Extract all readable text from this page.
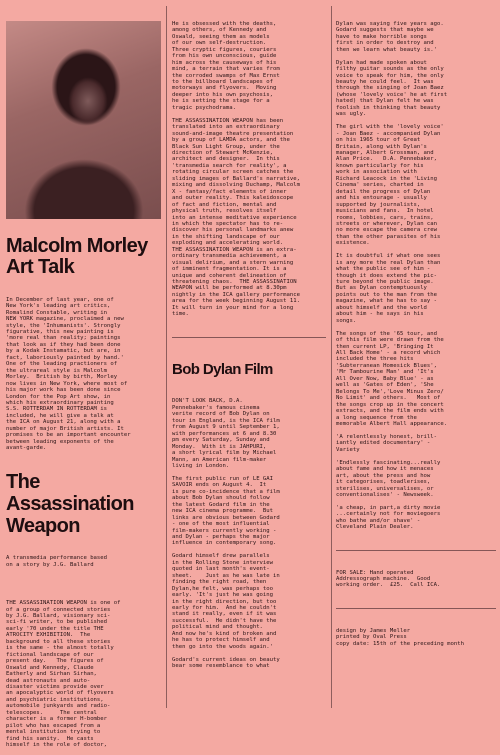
Malcolm Morley Art Talk

In December of last year, one of
New York's leading art critics,
Romalind Constable, writing in
NEW YORK magazine, proclaimed a new
style, the 'Inhumanists'. Strongly
figurative, this new painting is
'more real than reality; paintings
that look as if they had been done
by a Kodak Instamatic, but are, in
fact, laboriously painted by hand.'
One of the leading practioners of
the ultrareal style is Malcolm
Morley.  British by birth, Morley
now lives in New York, where most of
his major work has been done since
London for the Pop Art show, in
which his extraordinary painting
S.S. ROTTERDAM IN ROTTERDAM is
included, he will give a talk at
the ICA on August 21, along with a
number of major British artists. It
promises to be an important encounter
between leading exponents of the
avant-garde.

The Assassination Weapon

A transmedia performance based
on a story by J.G. Ballard

THE ASSASSINATION WEAPON is one of
of a group of connected stories
by J.G. Ballard, visionary sci-
sci-fi writer, to be published
early '70 under the title THE
ATROCITY EXHIBITION.  The
background to all these stories
is the same - the almost totally
fictional landscape of our
present day.   The figures of
Oswald and Kennedy, Claude
Eatherly and Sirhan Sirhan,
dead astronauts and auto-
disaster victims provide over
an apocalyptic world of flyovers
and psychiatric institutions,
automobile junkyards and radio-
telescopes.     The central
character is a former H-bomber
pilot who has escaped from a
mental institution trying to
find his sanity.  He casts
himself in the role of doctor,

He is obsessed with the deaths,
among others, of Kennedy and
Oswald, seeing them as models
of our own self-destruction.
Three cryptic figures, couriers
from his own unconscious, guide
him across the causeways of his
mind, a terrain that varies from
the corroded swamps of Max Ernst
to the billboard landscapes of
motorways and flyovers.  Moving
deeper into his own psychosis,
he is setting the stage for a
tragic psychodrama.

THE ASSASSINATION WEAPON has been
translated into an extraordinary
sound-and-image theatre presentation
by a group of LAMDA actors, and the
Black Sun Light Group, under the
direction of Stewart McKenzie,
architect and designer.  In this
'transmedia search for reality', a
rotating circular screen catches the
sliding images of Ballard's narrative,
mixing and dissolving Duchamp, Malcolm
X - fantasy/fact elements of inner
and outer reality. This kaleidoscope
of fact and fiction, mental and
physical truth, resolves itself
into an intense meditative experience
in which the spectator has to re-
discover his personal landmarks anew
in the shifting landscape of our
exploding and accelerating world.
THE ASSASSINATION WEAPON is an extra-
ordinary transmedia achievement, a
visual delirium, and a stern warning
of imminent fragmentation. It is a
unique and coherent delineation of
threatening chaos.  THE ASSASSINATION
WEAPON will be performed at 8.30pm
nightly in the ICA gallery performance
area for the week beginning August 11.
It will turn in your mind for a long
time.

Bob Dylan Film

DON'T LOOK BACK, D.A.
Pennebaker's famous cinema
verite record of Bob Dylan on
tour in England, is the ICA film
from August 9 until September 1,
with performances at 6 and 8.30
pm every Saturday, Sunday and
Monday.  With it is JAHPURI,
a short lyrical film by Michael
Mann, an American film-maker
living in London.

The first public run of LE GAI
SAVOIR ends on August 4.  It
is pure co-incidence that a film
about Bob Dylan should follow
the latest Godard film in the
new ICA cinema programme.  But
links are obvious between Godard
- one of the most influential
film-makers currently working -
and Dylan - perhaps the major
influence in contemporary song.

Godard himself drew parallels
in the Rolling Stone interview
quoted in last month's event-
sheet.    Just as he was late in
finding the right road, then
Dylan,he felt, was perhaps too
early. 'It's just he was going
in the right direction, but too
early for him.  And he couldn't
stand it really, even if it was
successful.  He didn't have the
political mind and thought.
And now he's kind of broken and
he has to protect himself and
then go into the woods again.'

Godard's current ideas on beauty
bear some resemblance to what

Dylan was saying five years ago.
Godard suggests that maybe we
have to make horrible songs
first in order to destroy and
then we learn what beauty is.'

Dylan had made spoken about
filthy guitar sounds as the only
voice to speak for him, the only
beauty he could feel.  It was
through the singing of Joan Baez
(whose 'lovely voice' he at first
hated) that Dylan felt he was
foolish in thinking that beauty
was ugly.

The girl with the 'lovely voice'
- Joan Baez - accompanied Dylan
on his 1965 tour of Great
Britain, along with Dylan's
manager, Albert Grossman, and
Alan Price.   D.A. Pennebaker,
known particularly for his
work in association with
Richard Leacock in the 'Living
Cinema' series, charted in
detail the progress of Dylan
and his entourage - usually
supported by journalists,
musicians and fans.  In hotel
rooms, lobbies, cars, trains,
streets or wherever, Dylan can
no more escape the camera crew
than the other parasites of his
existence.

It is doubtful if what one sees
is any more the real Dylan than
what the public see of him -
though it does extend the pic-
ture beyond the public image.
But as Dylan contemptuously
points out to the man from the
magazine, what he has to say -
about himself and the world
about him - he says in his
songs.

The songs of the '65 tour, and
of this film were drawn from the
then current LP, 'Bringing It
All Back Home' - a record which
included the three hits
'Subterranean Homesick Blues',
'Mr Tambourine Man' and 'It's
All Over Now, Baby Blue' - as
well as 'Gates of Eden', 'She
Belongs To Me','Love Minus Zero/
No Limit' and others.   Most of
the songs crop up in the concert
extracts, and the film ends with
a long sequence from the
memorable Albert Hall appearance.

'A relentlessly honest, brill-
iantly edited documentary' -
Variety

'Endlessly fascinating...really
about fame and how it menaces
art, about the press and how
it categorises, toadlerises,
sterilises, universalises, or
conventionalises' - Newsweek.

'a cheap, in part,a dirty movie
...certainly not for moviegoers
who bathe and/or shave' -
Cleveland Plain Dealer.

FOR SALE: Hand operated
Addressograph machine.  Good
working order.  £25.  Call ICA.

design by James Meller
printed by Oval Press
copy date: 15th of the preceding month
